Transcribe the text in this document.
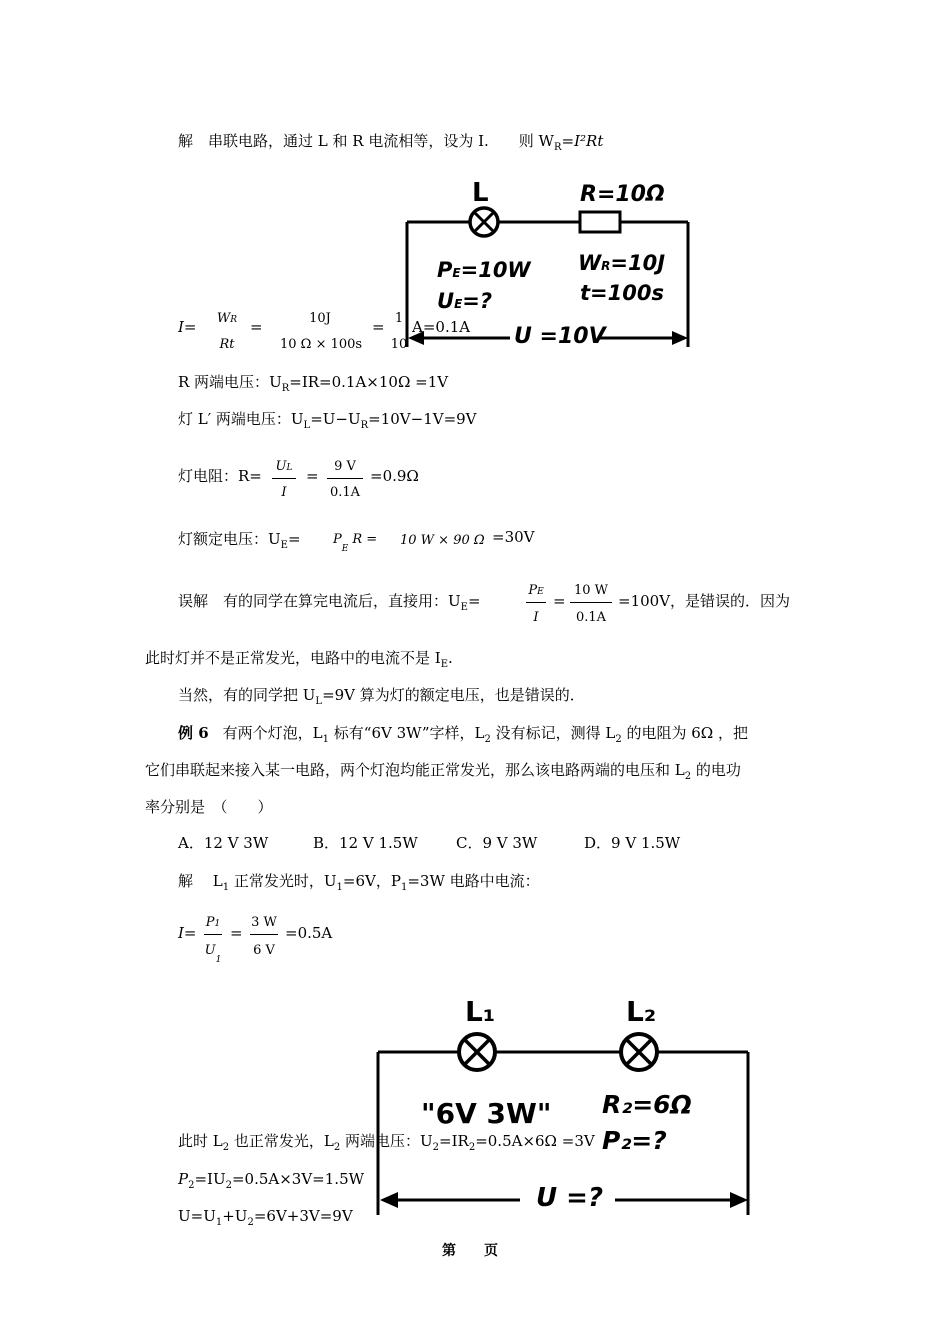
L	R=10Ω
PE=10W
UE=?
WR=10J
t=100s
U =10V
L₁	L₂
"6V 3W" R₂=6Ω
P₂=?
U =?
解　串联电路，通过 L 和 R 电流相等，设为 I.　　则 $W_R=I^2Rt$
I=	WR
Rt
=	10J
10 Ω × 100s
= 1
10
A=0.1A
R 两端电压：$U_R=IR=0.1A\times 10\Omega =1V$
灯 L′ 两端电压：$U_L=U-U_R=10V-1V=9V$
灯电阻：R=
UL
I
=
9 V
0.1A
=0.9Ω
灯额定电压：$U_E= P_ER = 10$ W × 90 Ω =30V
误解　有的同学在算完电流后，直接用：$U_E=$
PE
I
=
10 W
0.1A
=100V，是错误的．因为
此时灯并不是正常发光，电路中的电流不是 $I_E$.
当然，有的同学把 $U_L=9V$ 算为灯的额定电压，也是错误的．
例 6 有两个灯泡，$L_1$ 标有“6V 3W”字样，$L_2$ 没有标记，测得 $L_2$ 的电阻为 6Ω ，把
它们串联起来接入某一电路，两个灯泡均能正常发光，那么该电路两端的电压和 $L_2$ 的电功
率分别是　（　　）
A．12 V 3W	B．12 V 1.5W	C．9 V 3W	D．9 V 1.5W
解　 $L_1$ 正常发光时，$U_1=6V$，$P_1=3W$ 电路中电流：
I=
P1
$U_1$
=
3 W
6 V
=0.5A
此时 $L_2$ 也正常发光，$L_2$ 两端电压：$U_2=IR_2=0.5A\times 6\Omega =3V$
$P_2=IU_2=0.5A\times 3V=1.5W$
$U=U_1+U_2=6V+3V=9V$
第　　页
